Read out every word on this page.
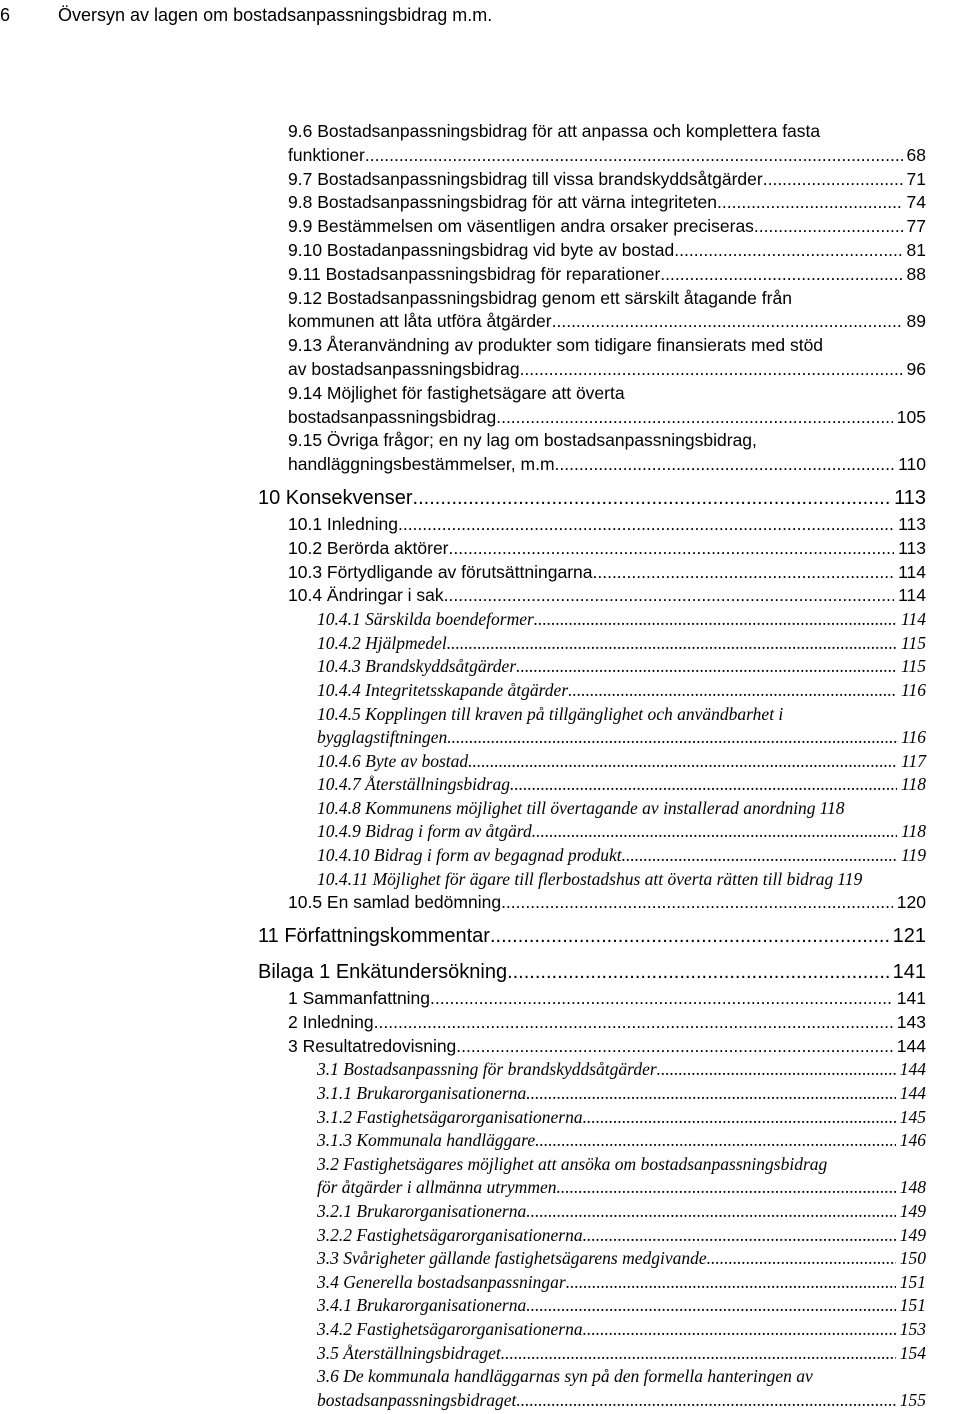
6	Översyn av lagen om bostadsanpassningsbidrag m.m.
9.6 Bostadsanpassningsbidrag för att anpassa och komplettera fasta
funktioner .....	68
9.7 Bostadsanpassningsbidrag till vissa brandskyddsåtgärder .....	71
9.8 Bostadsanpassningsbidrag för att värna integriteten .....	74
9.9 Bestämmelsen om väsentligen andra orsaker preciseras .....	77
9.10 Bostadanpassningsbidrag vid byte av bostad .....	81
9.11 Bostadsanpassningsbidrag för reparationer .....	88
9.12 Bostadsanpassningsbidrag genom ett särskilt åtagande från
kommunen att låta utföra åtgärder .....	89
9.13 Återanvändning av produkter som tidigare finansierats med stöd
av bostadsanpassningsbidrag .....	96
9.14 Möjlighet för fastighetsägare att överta
bostadsanpassningsbidrag .....	105
9.15 Övriga frågor; en ny lag om bostadsanpassningsbidrag,
handläggningsbestämmelser, m.m. .....	110
10 Konsekvenser .....	113
10.1 Inledning .....	113
10.2 Berörda aktörer .....	113
10.3 Förtydligande av förutsättningarna .....	114
10.4 Ändringar i sak .....	114
10.4.1 Särskilda boendeformer .....	114
10.4.2 Hjälpmedel .....	115
10.4.3 Brandskyddsåtgärder .....	115
10.4.4 Integritetsskapande åtgärder .....	116
10.4.5 Kopplingen till kraven på tillgänglighet och användbarhet i
bygglagstiftningen .....	116
10.4.6 Byte av bostad .....	117
10.4.7 Återställningsbidrag .....	118
10.4.8 Kommunens möjlighet till övertagande av installerad anordning 118
10.4.9 Bidrag i form av åtgärd .....	118
10.4.10 Bidrag i form av begagnad produkt .....	119
10.4.11 Möjlighet för ägare till flerbostadshus att överta rätten till bidrag 119
10.5 En samlad bedömning .....	120
11 Författningskommentar .....	121
Bilaga 1 Enkätundersökning .....	141
1 Sammanfattning .....	141
2 Inledning .....	143
3 Resultatredovisning .....	144
3.1 Bostadsanpassning för brandskyddsåtgärder .....	144
3.1.1 Brukarorganisationerna .....	144
3.1.2 Fastighetsägarorganisationerna .....	145
3.1.3 Kommunala handläggare .....	146
3.2 Fastighetsägares möjlighet att ansöka om bostadsanpassningsbidrag
för åtgärder i allmänna utrymmen .....	148
3.2.1 Brukarorganisationerna .....	149
3.2.2 Fastighetsägarorganisationerna .....	149
3.3 Svårigheter gällande fastighetsägarens medgivande .....	150
3.4 Generella bostadsanpassningar .....	151
3.4.1 Brukarorganisationerna .....	151
3.4.2 Fastighetsägarorganisationerna .....	153
3.5 Återställningsbidraget .....	154
3.6 De kommunala handläggarnas syn på den formella hanteringen av
bostadsanpassningsbidraget .....	155
